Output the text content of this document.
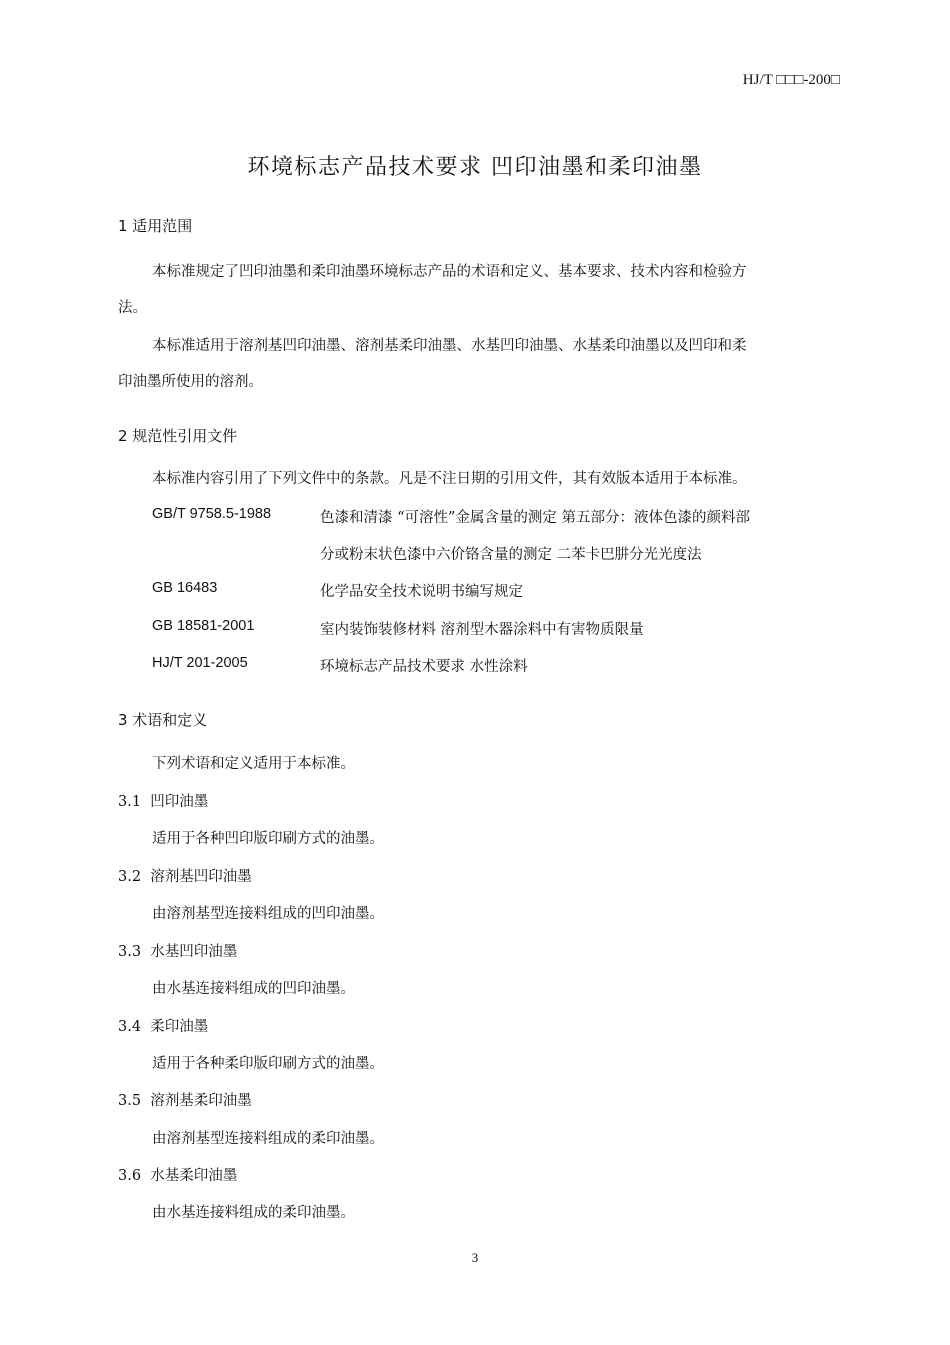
HJ/T □□□-200□
环境标志产品技术要求 凹印油墨和柔印油墨
1 适用范围
本标准规定了凹印油墨和柔印油墨环境标志产品的术语和定义、基本要求、技术内容和检验方
法。
本标准适用于溶剂基凹印油墨、溶剂基柔印油墨、水基凹印油墨、水基柔印油墨以及凹印和柔
印油墨所使用的溶剂。
2 规范性引用文件
本标准内容引用了下列文件中的条款。凡是不注日期的引用文件，其有效版本适用于本标准。
GB/T 9758.5-1988	色漆和清漆 “可溶性”金属含量的测定 第五部分：液体色漆的颜料部
分或粉末状色漆中六价铬含量的测定 二苯卡巴肼分光光度法
GB 16483	化学品安全技术说明书编写规定
GB 18581-2001	室内装饰装修材料 溶剂型木器涂料中有害物质限量
HJ/T 201-2005	环境标志产品技术要求 水性涂料
3 术语和定义
下列术语和定义适用于本标准。
3.1 凹印油墨
适用于各种凹印版印刷方式的油墨。
3.2 溶剂基凹印油墨
由溶剂基型连接料组成的凹印油墨。
3.3 水基凹印油墨
由水基连接料组成的凹印油墨。
3.4 柔印油墨
适用于各种柔印版印刷方式的油墨。
3.5 溶剂基柔印油墨
由溶剂基型连接料组成的柔印油墨。
3.6 水基柔印油墨
由水基连接料组成的柔印油墨。
3
